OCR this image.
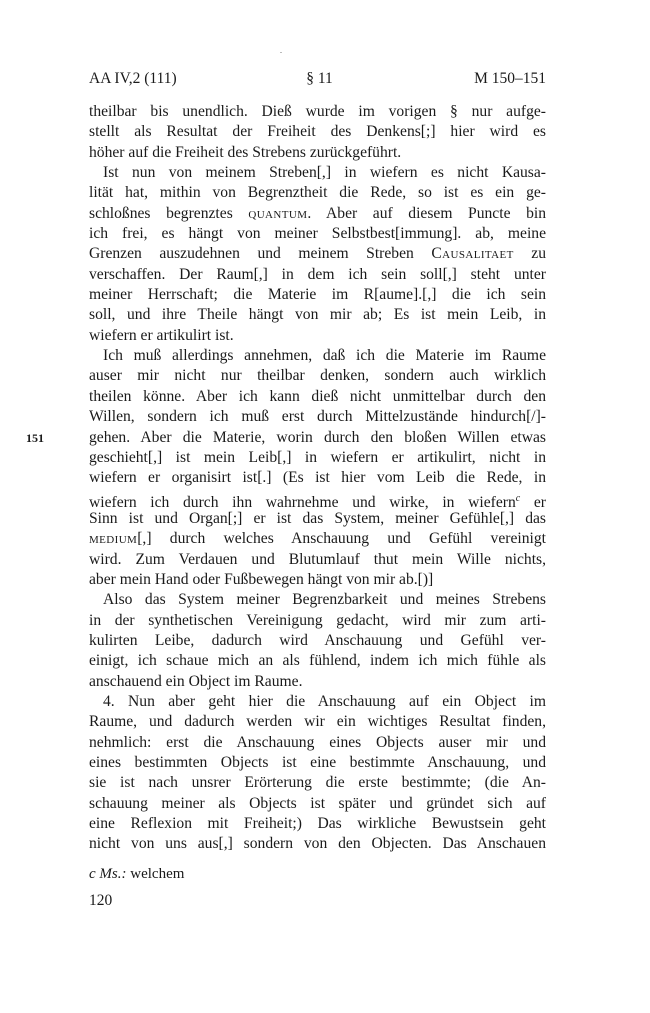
AA IV,2 (111)	§ 11	M 150–151
151
theilbar bis unendlich. Dieß wurde im vorigen § nur aufge-
stellt als Resultat der Freiheit des Denkens[;] hier wird es
höher auf die Freiheit des Strebens zurückgeführt.
Ist nun von meinem Streben[,] in wiefern es nicht Kausa-
lität hat, mithin von Begrenztheit die Rede, so ist es ein ge-
schloßnes begrenztes quantum. Aber auf diesem Puncte bin
ich frei, es hängt von meiner Selbstbest[immung]. ab, meine
Grenzen auszudehnen und meinem Streben Causalitaet zu
verschaffen. Der Raum[,] in dem ich sein soll[,] steht unter
meiner Herrschaft; die Materie im R[aume].[,] die ich sein
soll, und ihre Theile hängt von mir ab; Es ist mein Leib, in
wiefern er artikulirt ist.
Ich muß allerdings annehmen, daß ich die Materie im Raume
auser mir nicht nur theilbar denken, sondern auch wirklich
theilen könne. Aber ich kann dieß nicht unmittelbar durch den
Willen, sondern ich muß erst durch Mittelzustände hindurch[/]-
gehen. Aber die Materie, worin durch den bloßen Willen etwas
geschieht[,] ist mein Leib[,] in wiefern er artikulirt, nicht in
wiefern er organisirt ist[.] (Es ist hier vom Leib die Rede, in
wiefern ich durch ihn wahrnehme und wirke, in wiefern$^c$ er
Sinn ist und Organ[;] er ist das System, meiner Gefühle[,] das
medium[,] durch welches Anschauung und Gefühl vereinigt
wird. Zum Verdauen und Blutumlauf thut mein Wille nichts,
aber mein Hand oder Fußbewegen hängt von mir ab.[)]
Also das System meiner Begrenzbarkeit und meines Strebens
in der synthetischen Vereinigung gedacht, wird mir zum arti-
kulirten Leibe, dadurch wird Anschauung und Gefühl ver-
einigt, ich schaue mich an als fühlend, indem ich mich fühle als
anschauend ein Object im Raume.
4. Nun aber geht hier die Anschauung auf ein Object im
Raume, und dadurch werden wir ein wichtiges Resultat finden,
nehmlich: erst die Anschauung eines Objects auser mir und
eines bestimmten Objects ist eine bestimmte Anschauung, und
sie ist nach unsrer Erörterung die erste bestimmte; (die An-
schauung meiner als Objects ist später und gründet sich auf
eine Reflexion mit Freiheit;) Das wirkliche Bewustsein geht
nicht von uns aus[,] sondern von den Objecten. Das Anschauen
c Ms.: welchem
120
